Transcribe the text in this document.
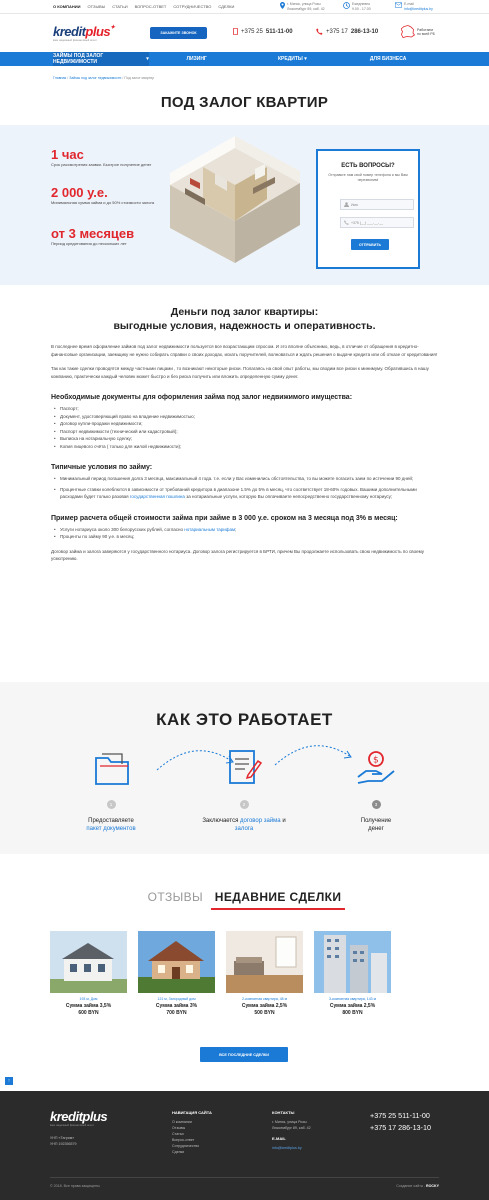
О КОМПАНИИ ОТЗЫВЫ СТАТЬИ ВОПРОС-ОТВЕТ СОТРУДНИЧЕСТВО СДЕЛКИ	г. Минск, улица Розы
Люксембург 89, каб. 42
Ежедневно
9.00 - 17.00
E-mail
info@kreditplus.by
kreditplus✦
ваш надежный финансовый агент
ЗАКАЖИТЕ ЗВОНОК	+375 25 511-11-00	+375 17 286-13-10	Работаем
по всей РБ
ЗАЙМЫ ПОД ЗАЛОГ НЕДВИЖИМОСТИ
	▾	ЛИЗИНГ	КРЕДИТЫ
▾	ДЛЯ БИЗНЕСА
Главная / Займы под залог недвижимости / Под залог квартир
ПОД ЗАЛОГ КВАРТИР
1 час
Срок рассмотрения заявки. Быстрое получение денег
2 000 у.е.
Минимальная сумма займа и до 50% стоимости залога
от 3 месяцев
Период кредитования до нескольких лет
ЕСТЬ ВОПРОСЫ?
Отправьте нам свой номер телефона и мы Вам перезвоним!
Имя
+375 (__) ___-__-__
ОТПРАВИТЬ
Деньги под залог квартиры:
выгодные условия, надежность и оперативность.

В последнее время оформление займов под залог недвижимости пользуется все возрастающим спросом. И это вполне объяснимо, ведь, в отличие от обращения в кредитно-финансовые организации, заемщику не нужно собирать справки о своих доходах, искать поручителей, волноваться и ждать решения о выдаче кредита или об отказе от кредитования!

Так как такие сделки проводятся между частными лицами , то возникают некоторые риски. Полагаясь на свой опыт работы, мы сводим все риски к минимуму. Обратившись в нашу компанию, практически каждый человек может быстро и без риска получить или вложить определенную сумму денег.

Необходимые документы для оформления займа под залог недвижимого имущества:
• Паспорт;
• Документ, удостоверяющий право на владение недвижимостью;
• Договор купли-продажи недвижимости;
• Паспорт недвижимости (технический или кадастровый);
• Выписка на нотариальную сделку;
• Копия лицевого счёта ( только для жилой недвижимости);
Типичные условия по займу:
• Минимальный период погашения долга 3 месяца, максимальный 4 года. т.е. если у Вас изменились обстоятельства, то вы можете погасить заем по истечении 90 дней;
• Процентные ставки колеблются в зависимости от требований кредитора в диапазоне 1.5% до 5% в месяц, что соответствует 18-60% годовых. Вашими дополнительными расходами будет только разовая государственная пошлина за нотариальные услуги, которую Вы оплачиваете непосредственно государственному нотариусу;
Пример расчета общей стоимости займа при займе в 3 000 у.е. сроком на 3 месяца под 3% в месяц:
• Услуги нотариуса около 300 белорусских рублей, согласно нотариальным тарифам;
• Проценты по займу 90 у.е. в месяц;

Договор займа и залога заверяются у государственного нотариуса. Договор залога регистрируется в БРТИ, причем Вы продолжаете использовать свою недвижимость по своему усмотрению.

КАК ЭТО РАБОТАЕТ
$
1
Предоставляете
пакет документов
2
Заключается договор займа и залога
3
Получение
денег
ОТЗЫВЫ НЕДАВНИЕ СДЕЛКИ
193 м, Дом
Сумма займа 3,5%
600 BYN
121 м, Загородный дом
Сумма займа 3%
700 BYN
2-комнатная квартира, 48 м
Сумма займа 2,5%
500 BYN
3-комнатная квартира, 143 м
Сумма займа 2,5%
800 BYN
ВСЕ ПОСЛЕДНИЕ СДЕЛКИ
↑
kreditplus
ваш надежный финансовый агент
УНП «Тагрим»
УНП 192356579
НАВИГАЦИЯ САЙТА
О компании
Отзывы
Статьи
Вопрос-ответ
Сотрудничество
Сделки
КОНТАКТЫ
г. Минск, улица Розы
Люксембург 89, каб. 42
E-MAIL
info@kreditplus.by
+375 25 511-11-00
+375 17 286-13-10
© 2018. Все права защищены	Создание сайта - ROCKY
